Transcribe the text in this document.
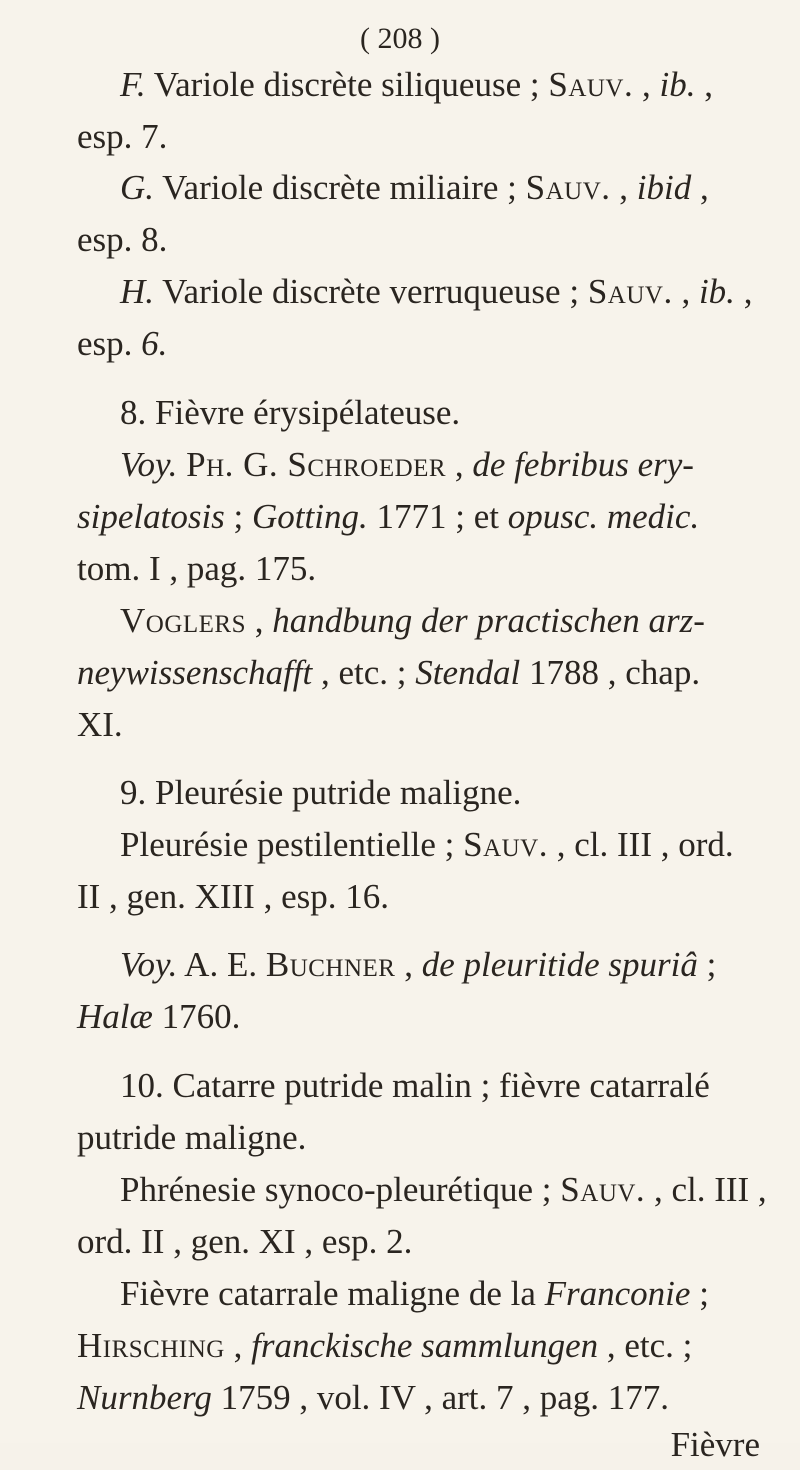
( 208 )
F. Variole discrète siliqueuse ; Sauv. , ib. ,
esp. 7.
G. Variole discrète miliaire ; Sauv. , ibid ,
esp. 8.
H. Variole discrète verruqueuse ; Sauv. , ib. ,
esp. 6.
8. Fièvre érysipélateuse.
Voy. Ph. G. Schroeder , de febribus ery-
sipelatosis ; Gotting. 1771 ; et opusc. medic.
tom. I , pag. 175.
Voglers , handbung der practischen arz-
neywissenschafft , etc. ; Stendal 1788 , chap.
XI.
9. Pleurésie putride maligne.
Pleurésie pestilentielle ; Sauv. , cl. III , ord.
II , gen. XIII , esp. 16.
Voy. A. E. Buchner , de pleuritide spuriâ ;
Halæ 1760.
10. Catarre putride malin ; fièvre catarralé
putride maligne.
Phrénesie synoco-pleurétique ; Sauv. , cl. III ,
ord. II , gen. XI , esp. 2.
Fièvre catarrale maligne de la Franconie ;
Hirsching , franckische sammlungen , etc. ;
Nurnberg 1759 , vol. IV , art. 7 , pag. 177.
Fièvre
